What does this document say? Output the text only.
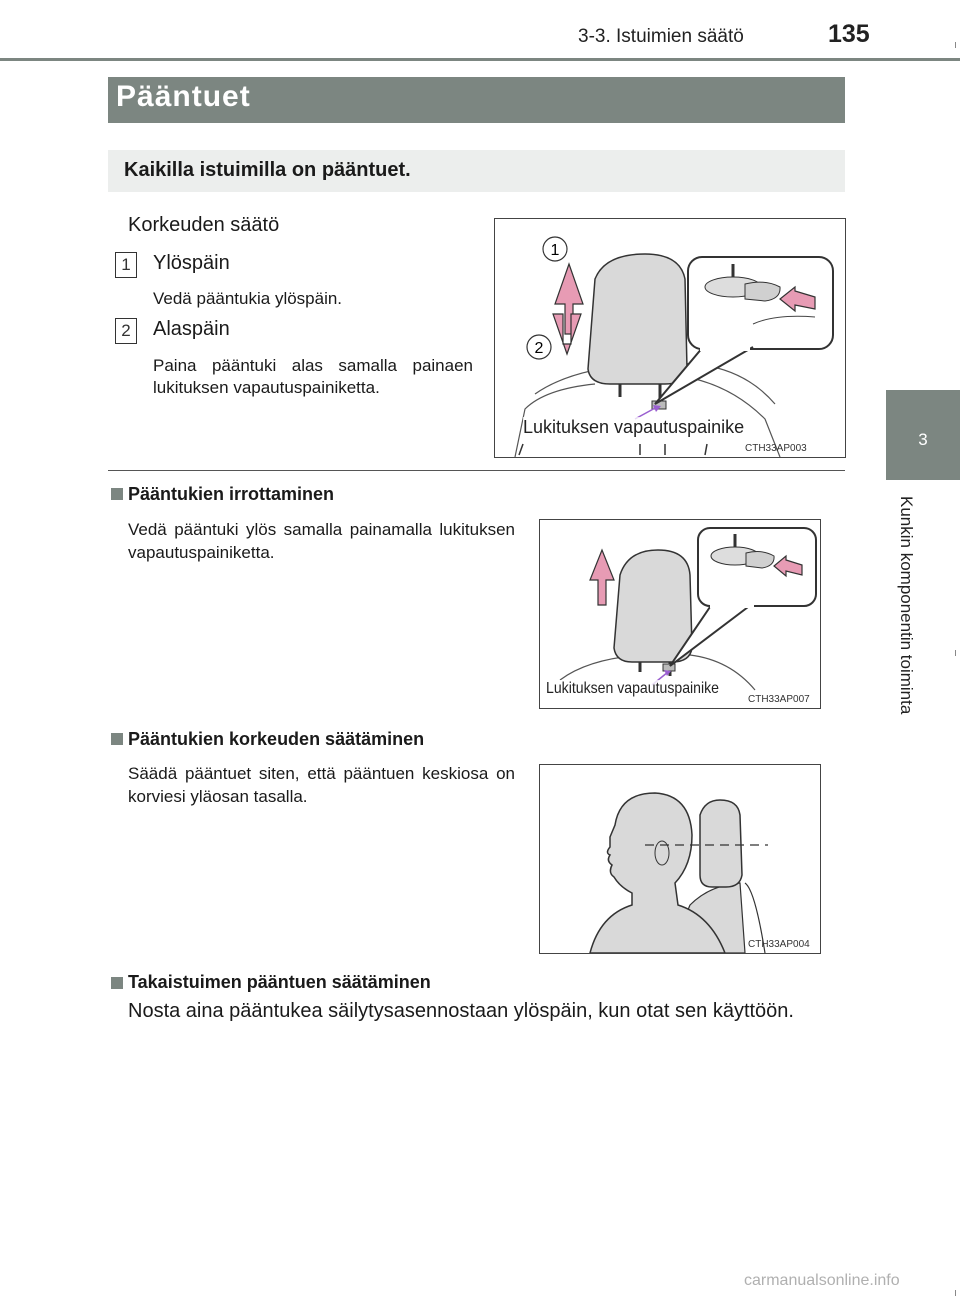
3-3. Istuimien säätö	135
Pääntuet
Kaikilla istuimilla on pääntuet.
3
Kunkin komponentin toiminta
Korkeuden säätö
1	Ylöspäin
Vedä pääntukia ylöspäin.
2	Alaspäin
Paina pääntuki alas samalla painaen lukituksen vapautuspainiketta.
1
2
Lukituksen vapautuspainike
CTH33AP003
Pääntukien irrottaminen
Vedä pääntuki ylös samalla painamalla lukituksen vapautuspainiketta.
Lukituksen vapautuspainike
CTH33AP007
Pääntukien korkeuden säätäminen
Säädä pääntuet siten, että pääntuen keskiosa on korviesi yläosan tasalla.
CTH33AP004
Takaistuimen pääntuen säätäminen
Nosta aina pääntukea säilytysasennostaan ylöspäin, kun otat sen käyttöön.
carmanualsonline.info
